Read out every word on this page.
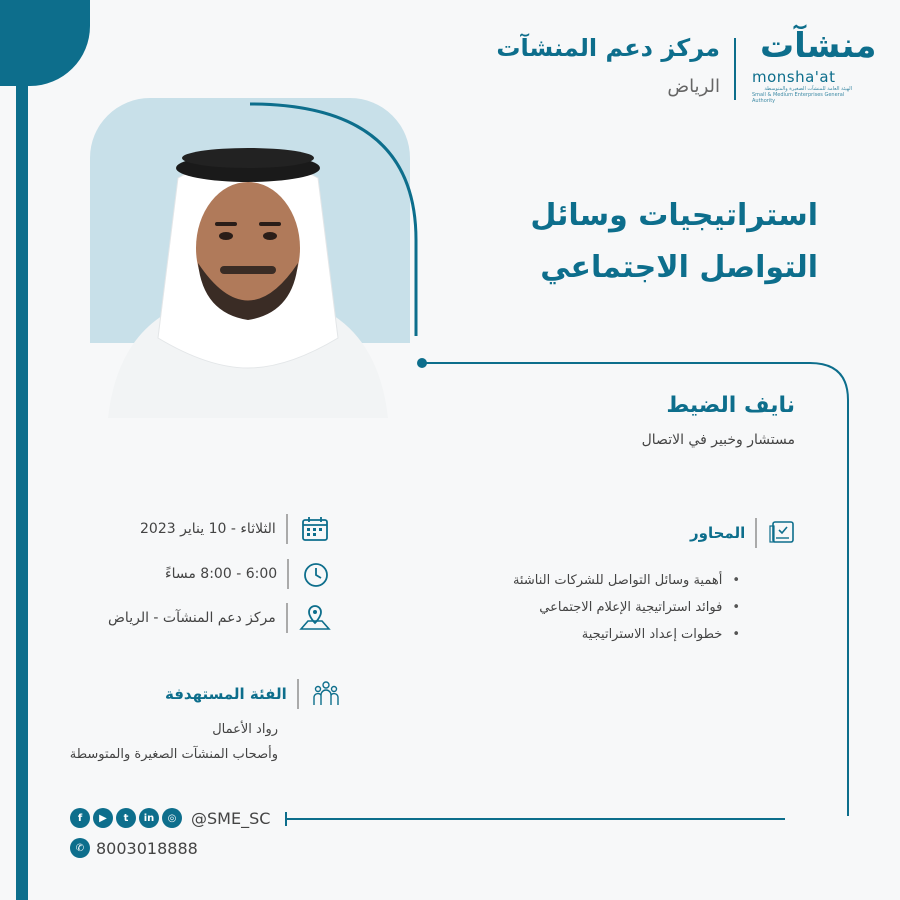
مركز دعم المنشآت
الرياض
منشآت
monsha'at
الهيئة العامة للمنشآت الصغيرة والمتوسطة
Small & Medium Enterprises General Authority
استراتيجيات وسائل التواصل الاجتماعي
نايف الضيط
مستشار وخبير في الاتصال
الثلاثاء - 10 يناير 2023
6:00 - 8:00 مساءً
مركز دعم المنشآت - الرياض
المحاور
• أهمية وسائل التواصل للشركات الناشئة
• فوائد استراتيجية الإعلام الاجتماعي
• خطوات إعداد الاستراتيجية
الفئة المستهدفة
رواد الأعمال
وأصحاب المنشآت الصغيرة والمتوسطة
f	▶	t	in	◎ @SME_SC
✆ 8003018888
